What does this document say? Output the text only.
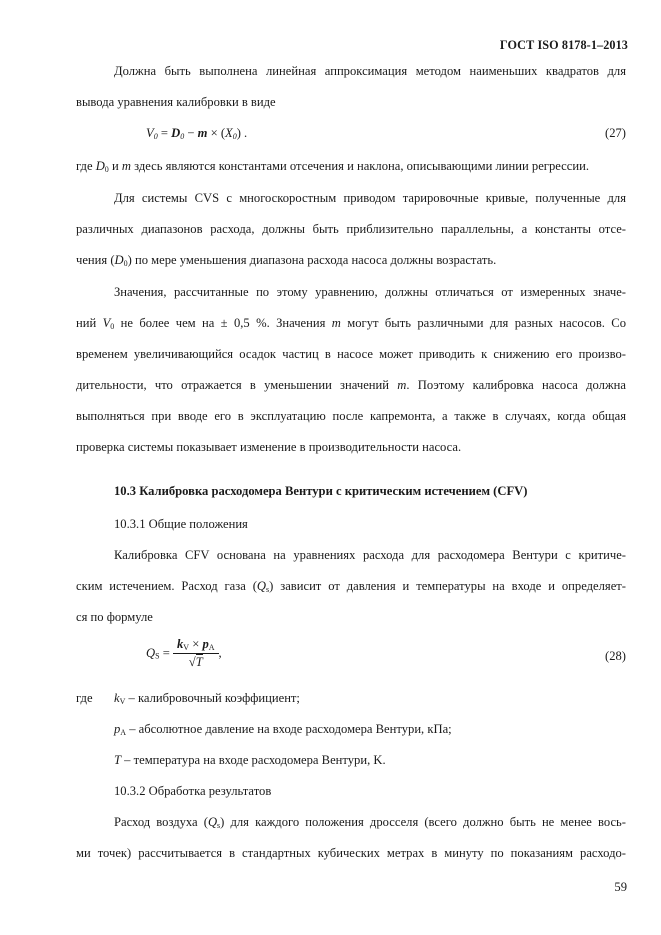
ГОСТ ISO 8178-1–2013
Должна быть выполнена линейная аппроксимация методом наименьших квадратов для
вывода уравнения калибровки в виде
$V_0 = D_0 - m \times (X_0)$ .	(27)
где $D_0$ и m здесь являются константами отсечения и наклона, описывающими линии регрессии.
Для системы CVS с многоскоростным приводом тарировочные кривые, полученные для
различных диапазонов расхода, должны быть приблизительно параллельны, а константы отсе-
чения $(D_0)$ по мере уменьшения диапазона расхода насоса должны возрастать.
Значения, рассчитанные по этому уравнению, должны отличаться от измеренных значе-
ний $V_0$ не более чем на ± 0,5 %. Значения m могут быть различными для разных насосов. Со
временем увеличивающийся осадок частиц в насосе может приводить к снижению его произво-
дительности, что отражается в уменьшении значений m. Поэтому калибровка насоса должна
выполняться при вводе его в эксплуатацию после капремонта, а также в случаях, когда общая
проверка системы показывает изменение в производительности насоса.
10.3 Калибровка расходомера Вентури с критическим истечением (CFV)
10.3.1 Общие положения
Калибровка CFV основана на уравнениях расхода для расходомера Вентури с критиче-
ским истечением. Расход газа $(Q_s)$ зависит от давления и температуры на входе и определяет-
ся по формуле
$Q_S = \frac{k_V \times p_A}{√T}$ ,	(28)
где $k_V$ – калибровочный коэффициент;
$p_A$ – абсолютное давление на входе расходомера Вентури, кПа;
T – температура на входе расходомера Вентури, K.
10.3.2 Обработка результатов
Расход воздуха $(Q_s)$ для каждого положения дросселя (всего должно быть не менее вось-
ми точек) рассчитывается в стандартных кубических метрах в минуту по показаниям расходо-
59
